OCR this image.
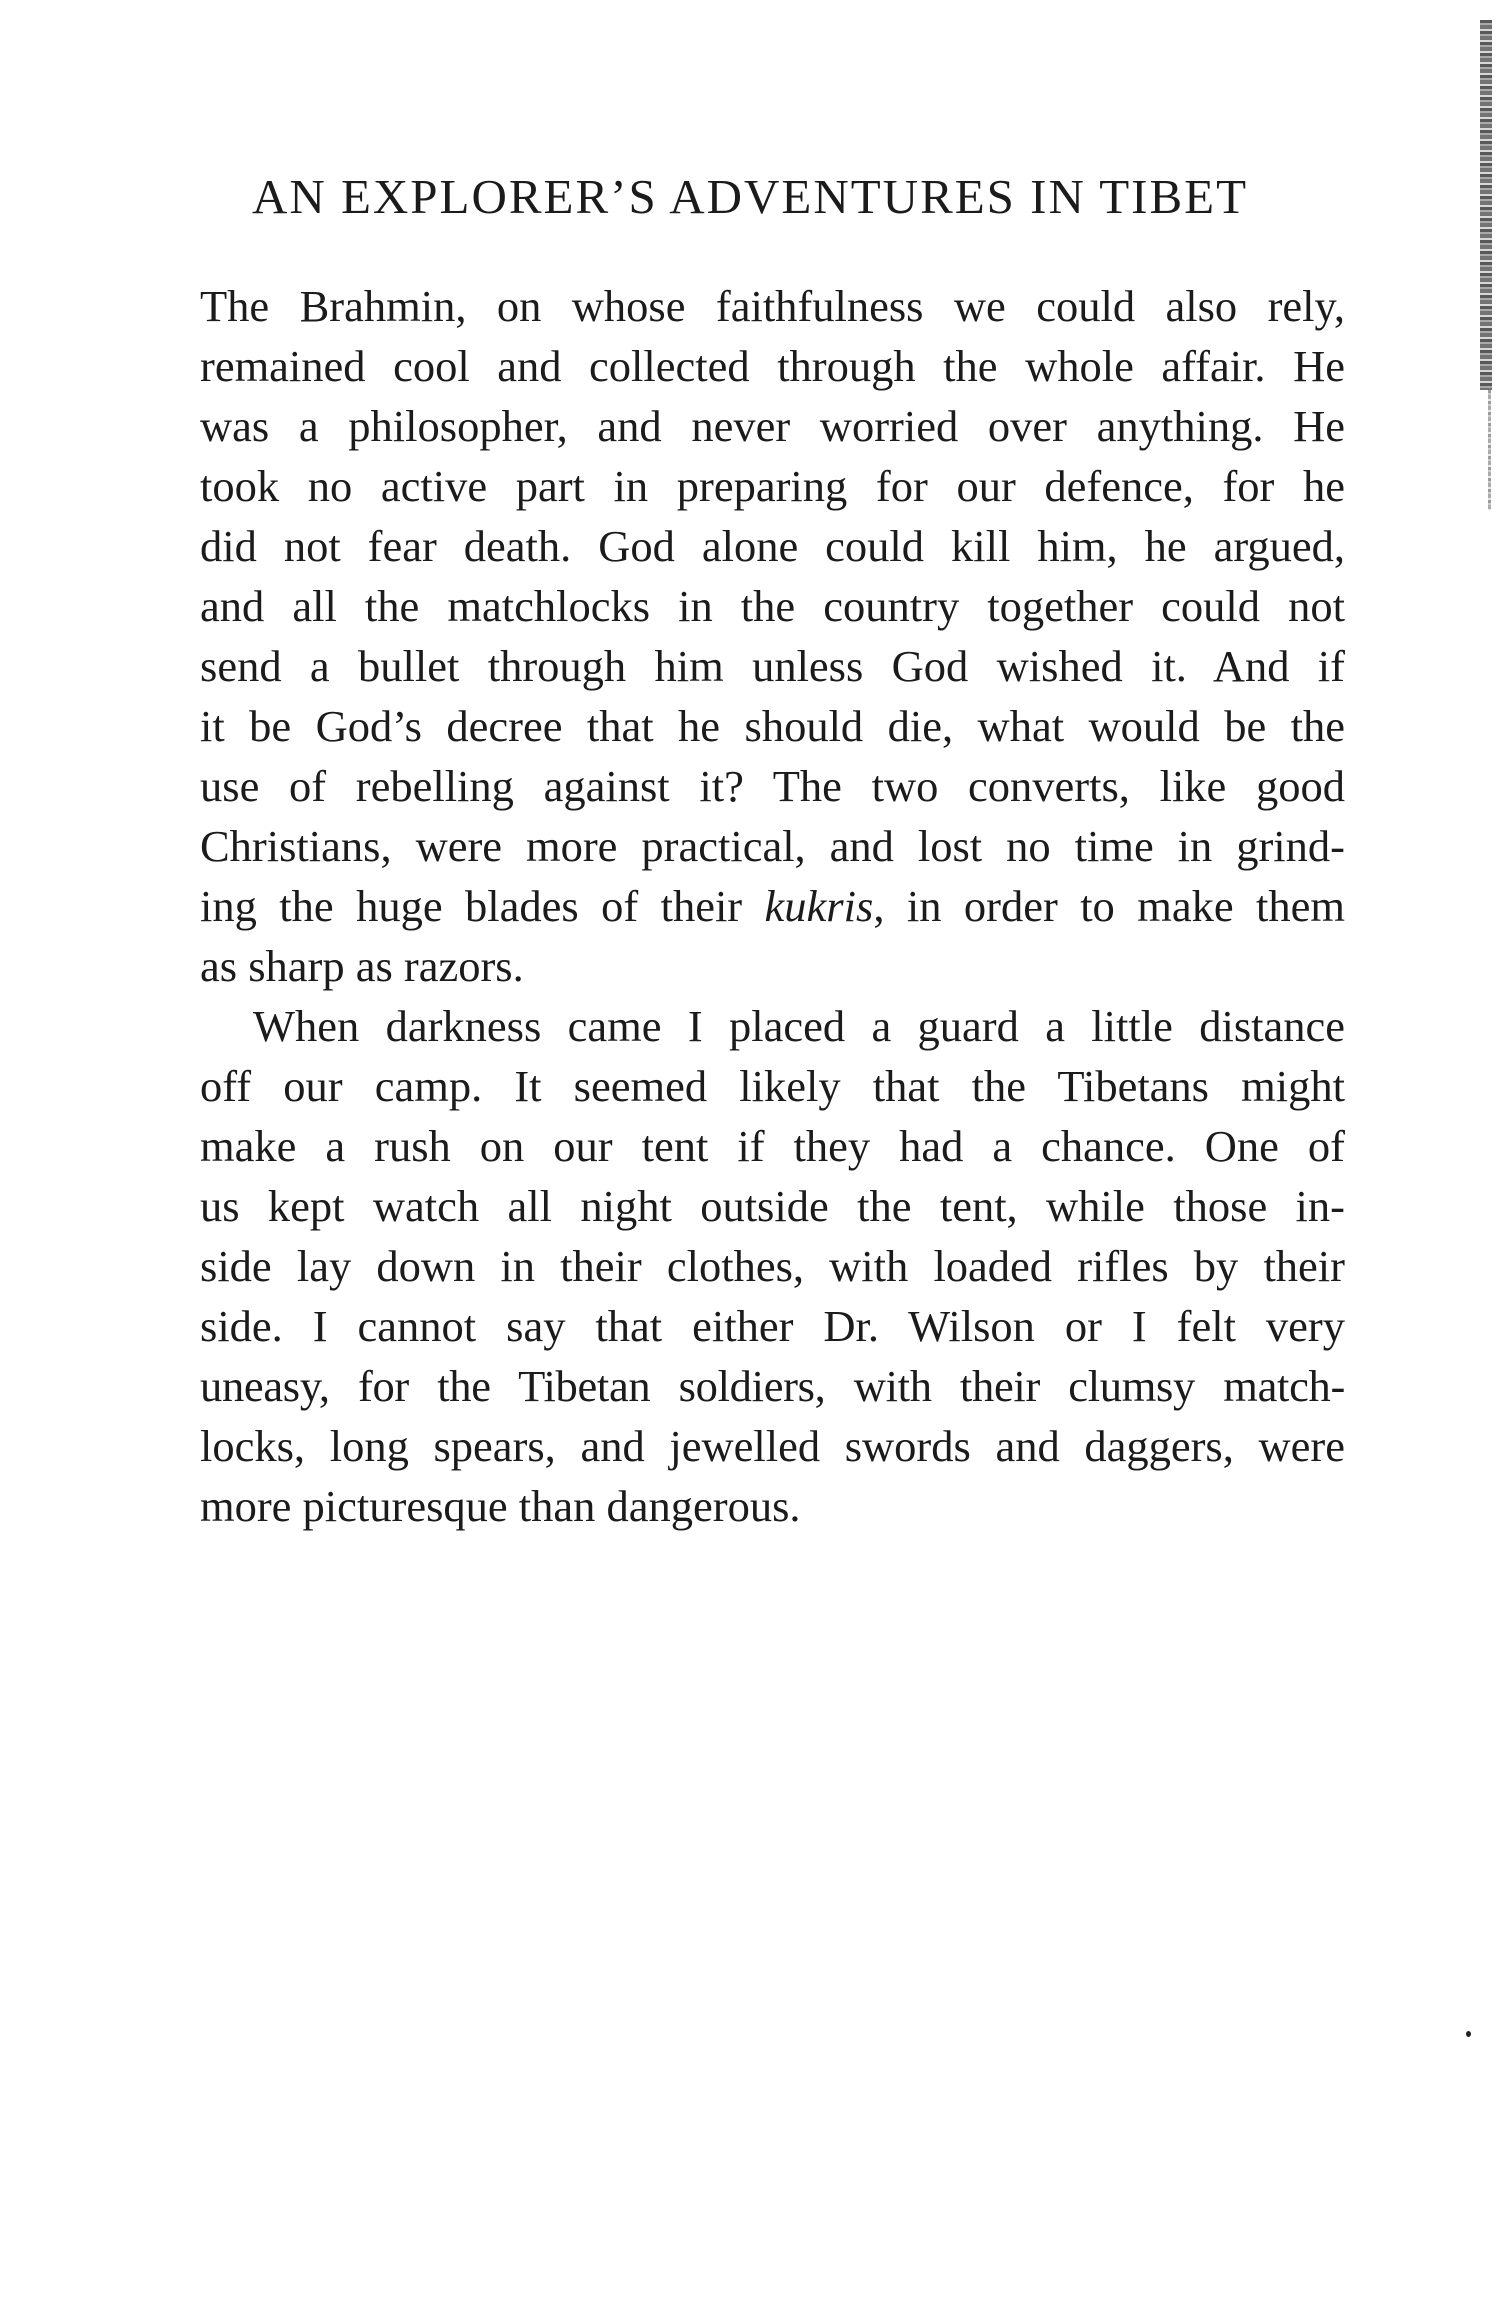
AN EXPLORER’S ADVENTURES IN TIBET
The Brahmin, on whose faithfulness we could also rely,
remained cool and collected through the whole affair. He
was a philosopher, and never worried over anything. He
took no active part in preparing for our defence, for he
did not fear death. God alone could kill him, he argued,
and all the matchlocks in the country together could not
send a bullet through him unless God wished it. And if
it be God’s decree that he should die, what would be the
use of rebelling against it? The two converts, like good
Christians, were more practical, and lost no time in grind-
ing the huge blades of their kukris, in order to make them
as sharp as razors.
When darkness came I placed a guard a little distance
off our camp. It seemed likely that the Tibetans might
make a rush on our tent if they had a chance. One of
us kept watch all night outside the tent, while those in-
side lay down in their clothes, with loaded rifles by their
side. I cannot say that either Dr. Wilson or I felt very
uneasy, for the Tibetan soldiers, with their clumsy match-
locks, long spears, and jewelled swords and daggers, were
more picturesque than dangerous.
